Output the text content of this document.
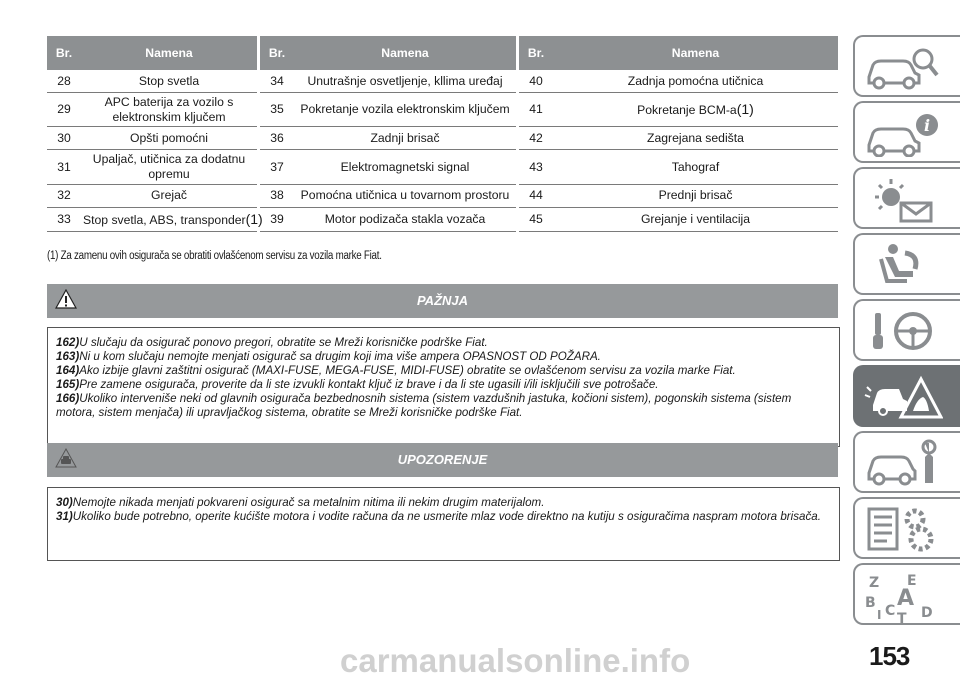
Br.	Namena		Br.	Namena		Br.	Namena
28	Stop svetla		34	Unutrašnje osvetljenje, kllima uređaj		40	Zadnja pomoćna utičnica
29	APC baterija za vozilo s elektronskim ključem		35	Pokretanje vozila elektronskim ključem		41	Pokretanje BCM-a(1)
30	Opšti pomoćni		36	Zadnji brisač		42	Zagrejana sedišta
31	Upaljač, utičnica za dodatnu opremu		37	Elektromagnetski signal		43	Tahograf
32	Grejač		38	Pomoćna utičnica u tovarnom prostoru		44	Prednji brisač
33	Stop svetla, ABS, transponder(1)		39	Motor podizača stakla vozača		45	Grejanje i ventilacija
(1) Za zamenu ovih osigurača se obratiti ovlašćenom servisu za vozila marke Fiat.
PAŽNJA
162)U slučaju da osigurač ponovo pregori, obratite se Mreži korisničke podrške Fiat.
163)Ni u kom slučaju nemojte menjati osigurač sa drugim koji ima više ampera OPASNOST OD POŽARA.
164)Ako izbije glavni zaštitni osigurač (MAXI-FUSE, MEGA-FUSE, MIDI-FUSE) obratite se ovlašćenom servisu za vozila marke Fiat.
165)Pre zamene osigurača, proverite da li ste izvukli kontakt ključ iz brave i da li ste ugasili i/ili isključili sve potrošače.
166)Ukoliko interveniše neki od glavnih osigurača bezbednosnih sistema (sistem vazdušnih jastuka, kočioni sistem), pogonskih sistema (sistem motora, sistem menjača) ili upravljačkog sistema, obratite se Mreži korisničke podrške Fiat.
UPOZORENJE
30)Nemojte nikada menjati pokvareni osigurač sa metalnim nitima ili nekim drugim materijalom.
31)Ukoliko bude potrebno, operite kućište motora i vodite računa da ne usmerite mlaz vode direktno na kutiju s osiguračima naspram motora brisača.
i
Z E
B A
I C D
T
carmanualsonline.info	153
